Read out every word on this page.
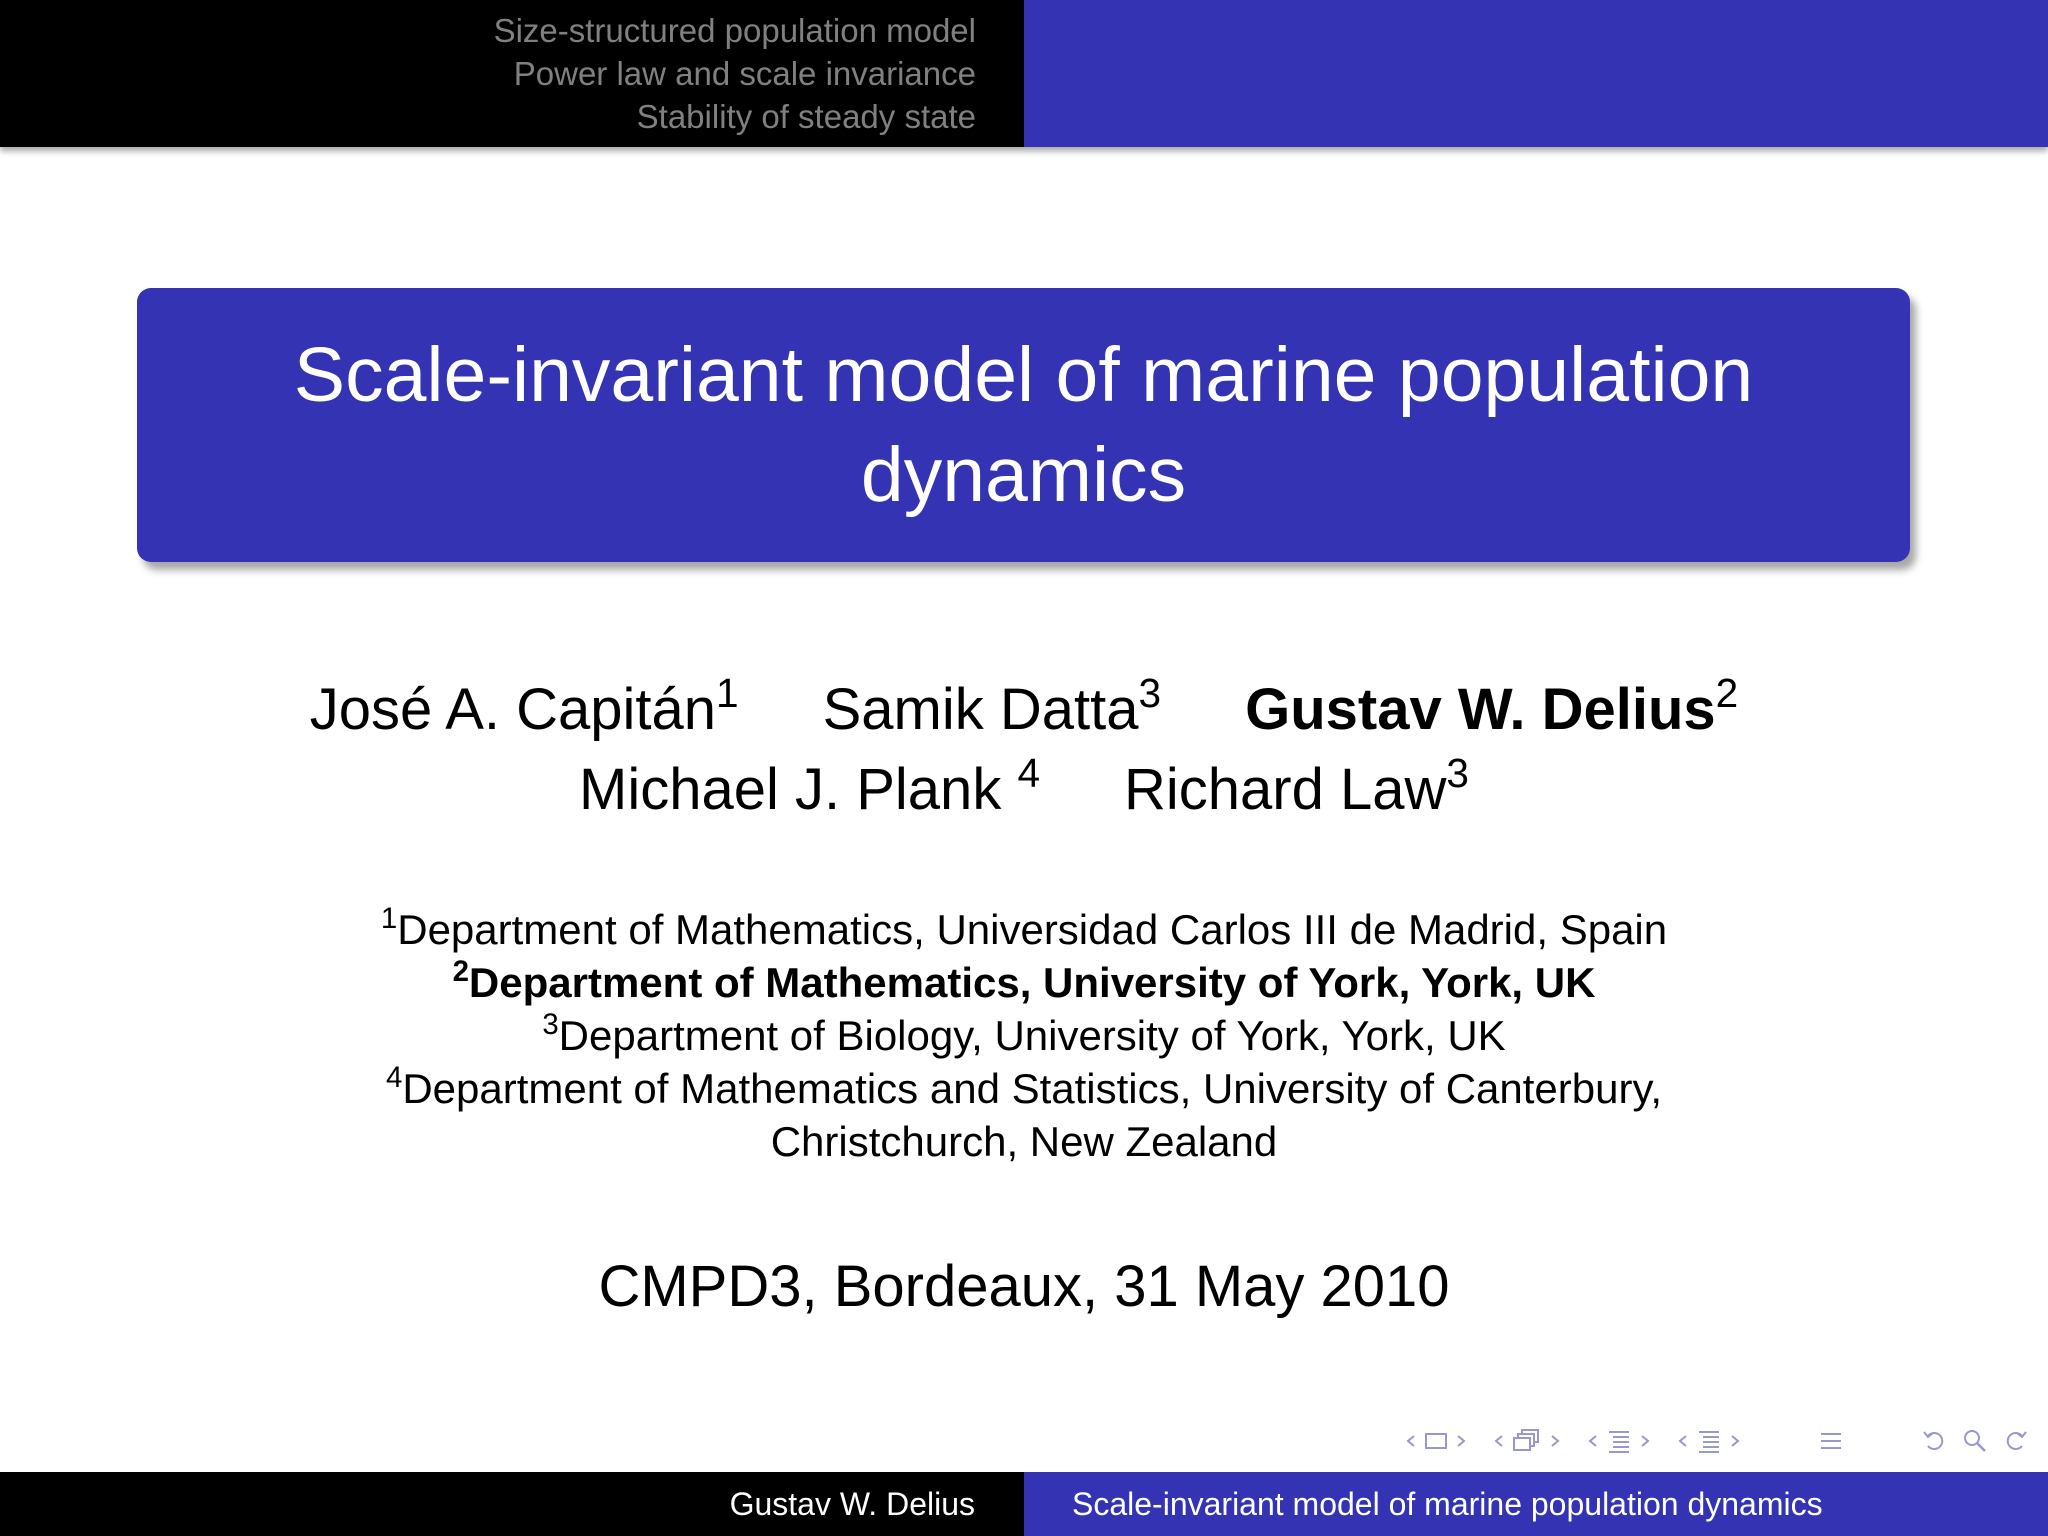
Size-structured population model
Power law and scale invariance
Stability of steady state
Scale-invariant model of marine population
dynamics
José A. Capitán$^1$ Samik Datta$^3$ Gustav W. Delius$^2$
Michael J. Plank $^4$ Richard Law$^3$
$^1$Department of Mathematics, Universidad Carlos III de Madrid, Spain
$^2$Department of Mathematics, University of York, York, UK
$^3$Department of Biology, University of York, York, UK
$^4$Department of Mathematics and Statistics, University of Canterbury,
Christchurch, New Zealand
CMPD3, Bordeaux, 31 May 2010
Gustav W. Delius	Scale-invariant model of marine population dynamics
